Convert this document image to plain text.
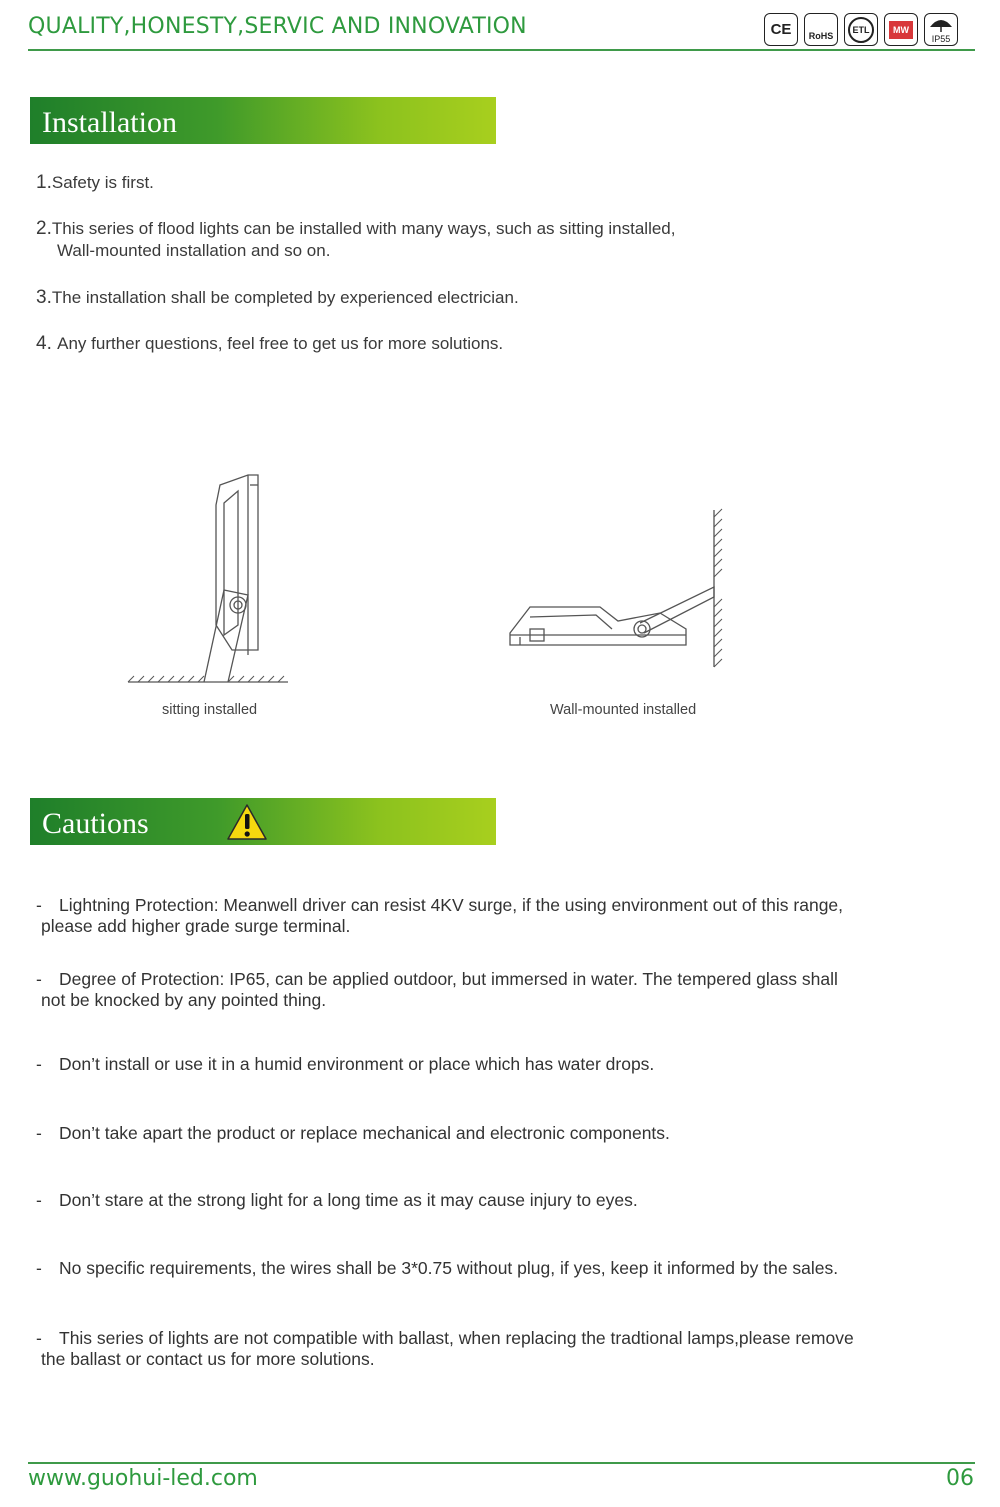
QUALITY,HONESTY,SERVIC AND INNOVATION	CE RoHS
ETL	MW
IP55
Installation
1.Safety is first.
2.This series of flood lights can be installed with many ways, such as sitting installed,
Wall-mounted installation and so on.
3.The installation shall be completed by experienced electrician.
4. Any further questions, feel free to get us for more solutions.
sitting installed	Wall-mounted installed
Cautions
- Lightning Protection: Meanwell driver can resist 4KV surge, if the using environment out of this range,
please add higher grade surge terminal.
- Degree of Protection: IP65, can be applied outdoor, but immersed in water. The tempered glass shall
not be knocked by any pointed thing.
- Don’t install or use it in a humid environment or place which has water drops.
- Don’t take apart the product or replace mechanical and electronic components.
- Don’t stare at the strong light for a long time as it may cause injury to eyes.
- No specific requirements, the wires shall be 3*0.75 without plug, if yes, keep it informed by the sales.
- This series of lights are not compatible with ballast, when replacing the tradtional lamps,please remove
the ballast or contact us for more solutions.
www.guohui-led.com	06
